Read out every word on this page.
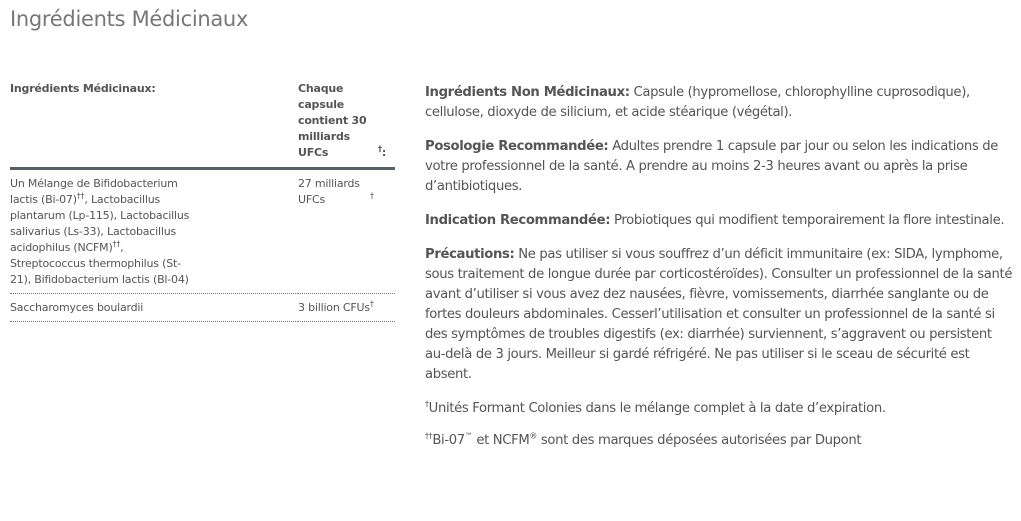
Ingrédients Médicinaux
Ingrédients Médicinaux:	Chaque capsule contient 30 milliards UFCs †:
Un Mélange de Bifidobacterium lactis (Bi-07)††, Lactobacillus plantarum (Lp-115), Lactobacillus salivarius (Ls-33), Lactobacillus acidophilus (NCFM)††, Streptococcus thermophilus (St-21), Bifidobacterium lactis (Bl-04)	27 milliards UFCs †
Saccharomyces boulardii	3 billion CFUs†

Ingrédients Non Médicinaux: Capsule (hypromellose, chlorophylline cuprosodique), cellulose, dioxyde de silicium, et acide stéarique (végétal).

Posologie Recommandée: Adultes prendre 1 capsule par jour ou selon les indications de votre professionnel de la santé. A prendre au moins 2-3 heures avant ou après la prise d’antibiotiques.

Indication Recommandée: Probiotiques qui modifient temporairement la flore intestinale.

Précautions: Ne pas utiliser si vous souffrez d’un déficit immunitaire (ex: SIDA, lymphome, sous traitement de longue durée par corticostéroïdes). Consulter un professionnel de la santé avant d’utiliser si vous avez dez nausées, fièvre, vomissements, diarrhée sanglante ou de fortes douleurs abdominales. Cesserl’utilisation et consulter un professionnel de la santé si des symptômes de troubles digestifs (ex: diarrhée) surviennent, s’aggravent ou persistent au-delà de 3 jours. Meilleur si gardé réfrigéré. Ne pas utiliser si le sceau de sécurité est absent.

†Unités Formant Colonies dans le mélange complet à la date d’expiration.

††Bi-07™ et NCFM® sont des marques déposées autorisées par Dupont
